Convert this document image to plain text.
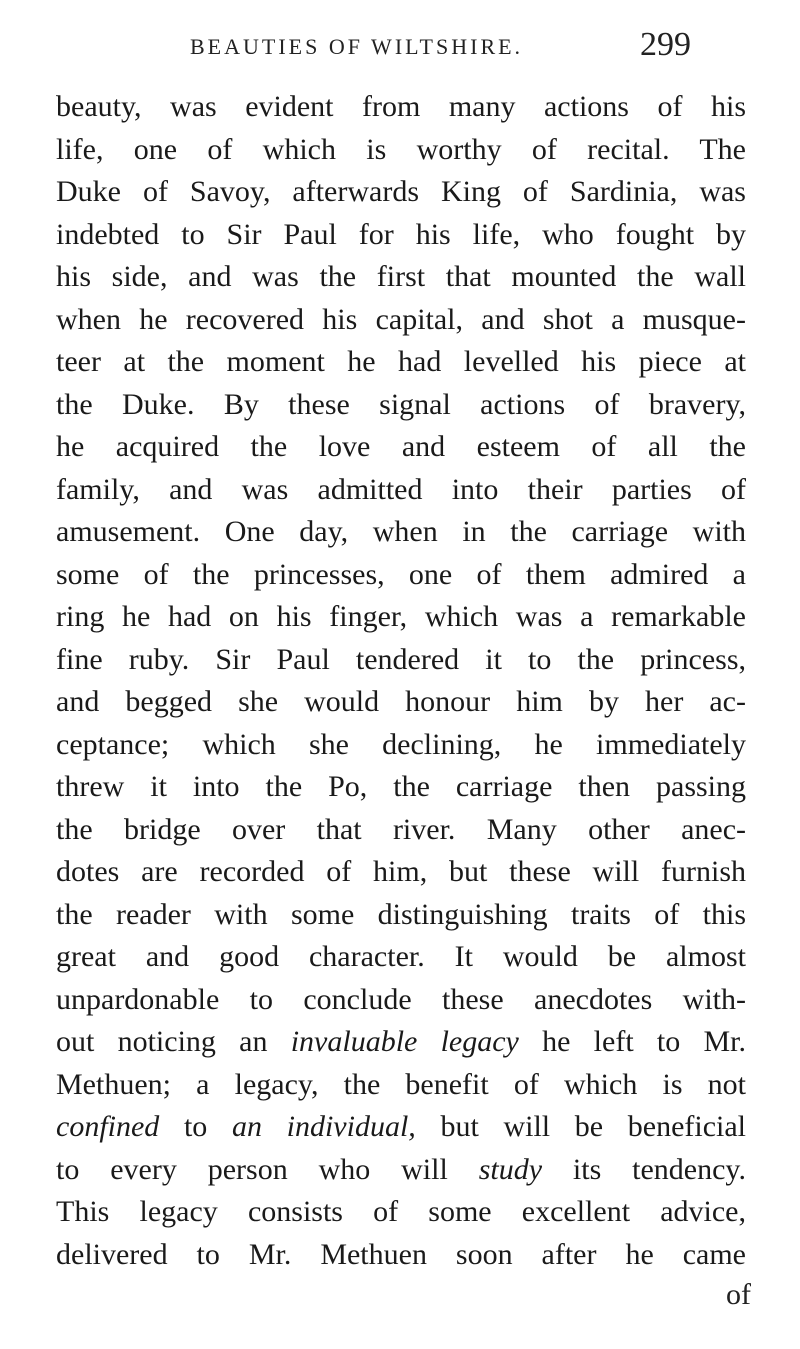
BEAUTIES OF WILTSHIRE.	299
beauty, was evident from many actions of his
life, one of which is worthy of recital. The
Duke of Savoy, afterwards King of Sardinia, was
indebted to Sir Paul for his life, who fought by
his side, and was the first that mounted the wall
when he recovered his capital, and shot a musque-
teer at the moment he had levelled his piece at
the Duke. By these signal actions of bravery,
he acquired the love and esteem of all the
family, and was admitted into their parties of
amusement. One day, when in the carriage with
some of the princesses, one of them admired a
ring he had on his finger, which was a remarkable
fine ruby. Sir Paul tendered it to the princess,
and begged she would honour him by her ac-
ceptance; which she declining, he immediately
threw it into the Po, the carriage then passing
the bridge over that river. Many other anec-
dotes are recorded of him, but these will furnish
the reader with some distinguishing traits of this
great and good character. It would be almost
unpardonable to conclude these anecdotes with-
out noticing an invaluable legacy he left to Mr.
Methuen; a legacy, the benefit of which is not
confined to an individual, but will be beneficial
to every person who will study its tendency.
This legacy consists of some excellent advice,
delivered to Mr. Methuen soon after he came
of
